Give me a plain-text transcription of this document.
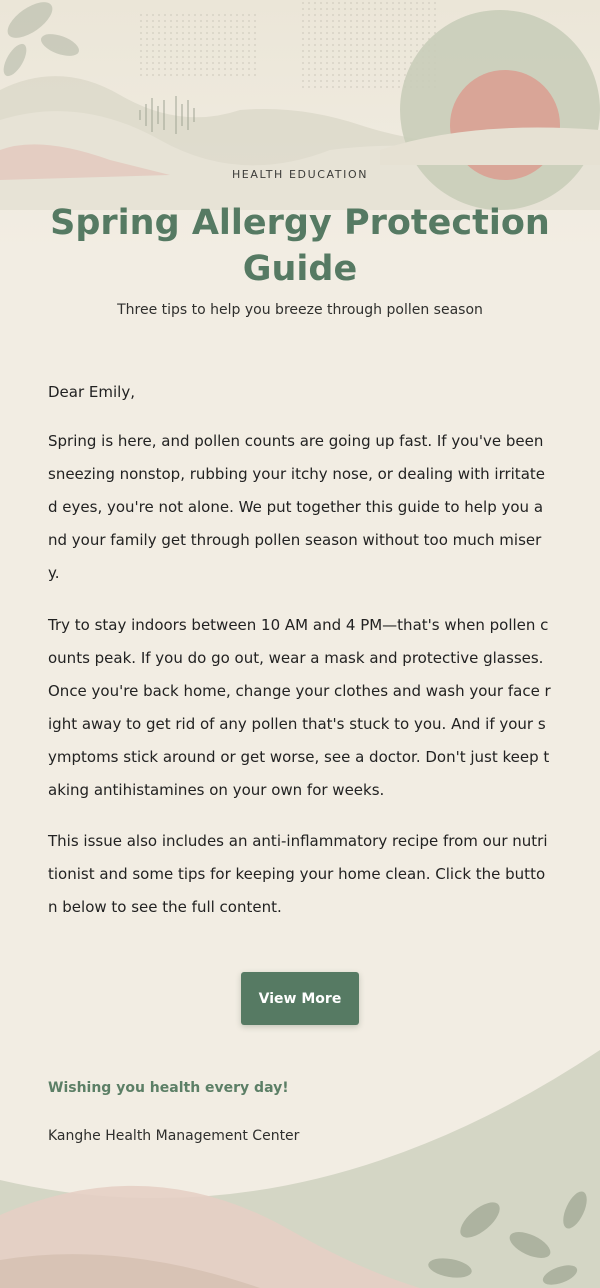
HEALTH EDUCATION
Spring Allergy Protection Guide
Three tips to help you breeze through pollen season
Dear Emily,

Spring is here, and pollen counts are going up fast. If you've been sneezing nonstop, rubbing your itchy nose, or dealing with irritated eyes, you're not alone. We put together this guide to help you and your family get through pollen season without too much misery.

Try to stay indoors between 10 AM and 4 PM—that's when pollen counts peak. If you do go out, wear a mask and protective glasses. Once you're back home, change your clothes and wash your face right away to get rid of any pollen that's stuck to you. And if your symptoms stick around or get worse, see a doctor. Don't just keep taking antihistamines on your own for weeks.

This issue also includes an anti-inflammatory recipe from our nutritionist and some tips for keeping your home clean. Click the button below to see the full content.

View More
Wishing you health every day!
Kanghe Health Management Center
